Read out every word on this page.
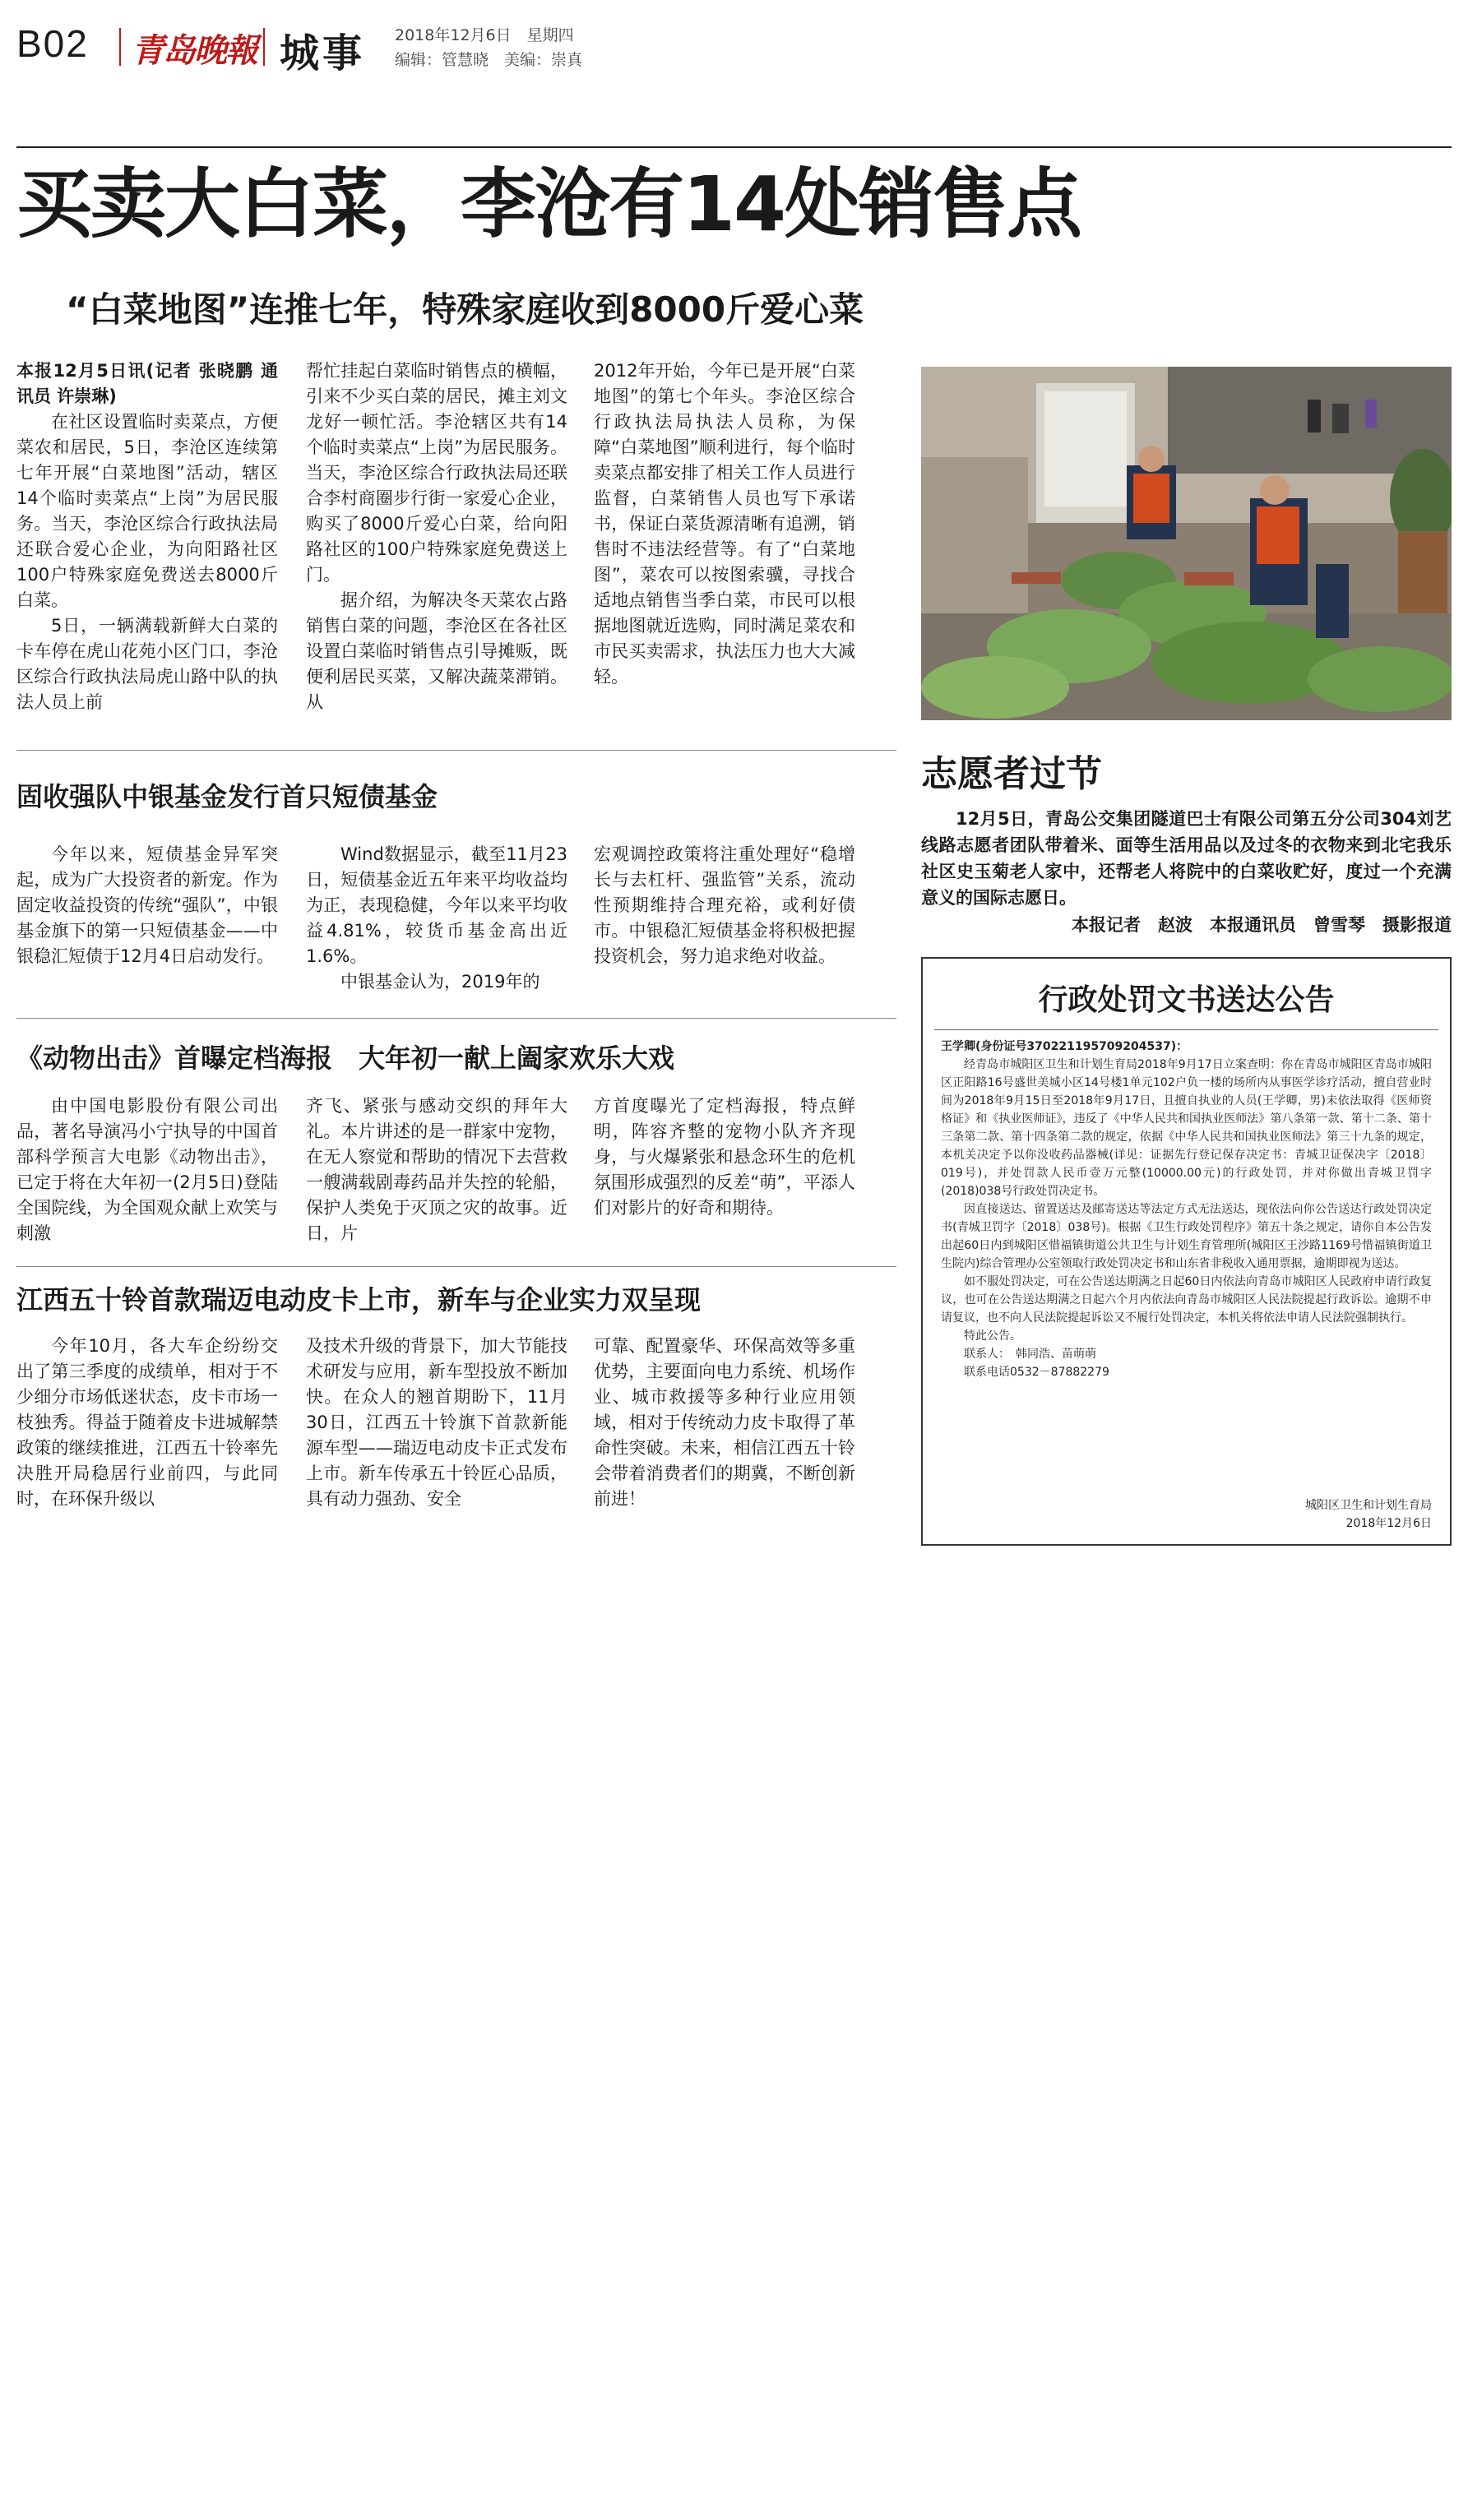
B02 青岛晚報 城事 2018年12月6日　星期四
编辑：管慧晓　美编：崇真
买卖大白菜，李沧有14处销售点
“白菜地图”连推七年，特殊家庭收到8000斤爱心菜

本报12月5日讯(记者 张晓鹏 通讯员 许崇琳)

在社区设置临时卖菜点，方便菜农和居民，5日，李沧区连续第七年开展“白菜地图”活动，辖区14个临时卖菜点“上岗”为居民服务。当天，李沧区综合行政执法局还联合爱心企业，为向阳路社区100户特殊家庭免费送去8000斤白菜。

5日，一辆满载新鲜大白菜的卡车停在虎山花苑小区门口，李沧区综合行政执法局虎山路中队的执法人员上前

帮忙挂起白菜临时销售点的横幅，引来不少买白菜的居民，摊主刘文龙好一顿忙活。李沧辖区共有14个临时卖菜点“上岗”为居民服务。当天，李沧区综合行政执法局还联合李村商圈步行街一家爱心企业，购买了8000斤爱心白菜，给向阳路社区的100户特殊家庭免费送上门。

据介绍，为解决冬天菜农占路销售白菜的问题，李沧区在各社区设置白菜临时销售点引导摊贩，既便利居民买菜，又解决蔬菜滞销。从

2012年开始，今年已是开展“白菜地图”的第七个年头。李沧区综合行政执法局执法人员称，为保障“白菜地图”顺利进行，每个临时卖菜点都安排了相关工作人员进行监督，白菜销售人员也写下承诺书，保证白菜货源清晰有追溯，销售时不违法经营等。有了“白菜地图”，菜农可以按图索骥，寻找合适地点销售当季白菜，市民可以根据地图就近选购，同时满足菜农和市民买卖需求，执法压力也大大减轻。

志愿者过节

12月5日，青岛公交集团隧道巴士有限公司第五分公司304刘艺线路志愿者团队带着米、面等生活用品以及过冬的衣物来到北宅我乐社区史玉菊老人家中，还帮老人将院中的白菜收贮好，度过一个充满意义的国际志愿日。

本报记者　赵波　本报通讯员　曾雪琴　摄影报道
固收强队中银基金发行首只短债基金

今年以来，短债基金异军突起，成为广大投资者的新宠。作为固定收益投资的传统“强队”，中银基金旗下的第一只短债基金——中银稳汇短债于12月4日启动发行。

Wind数据显示，截至11月23日，短债基金近五年来平均收益均为正，表现稳健，今年以来平均收益4.81%，较货币基金高出近1.6%。

中银基金认为，2019年的

宏观调控政策将注重处理好“稳增长与去杠杆、强监管”关系，流动性预期维持合理充裕，或利好债市。中银稳汇短债基金将积极把握投资机会，努力追求绝对收益。

《动物出击》首曝定档海报　大年初一献上阖家欢乐大戏

由中国电影股份有限公司出品，著名导演冯小宁执导的中国首部科学预言大电影《动物出击》，已定于将在大年初一(2月5日)登陆全国院线，为全国观众献上欢笑与刺激

齐飞、紧张与感动交织的拜年大礼。本片讲述的是一群家中宠物，在无人察觉和帮助的情况下去营救一艘满载剧毒药品并失控的轮船，保护人类免于灭顶之灾的故事。近日，片

方首度曝光了定档海报，特点鲜明，阵容齐整的宠物小队齐齐现身，与火爆紧张和悬念环生的危机氛围形成强烈的反差“萌”，平添人们对影片的好奇和期待。

江西五十铃首款瑞迈电动皮卡上市，新车与企业实力双呈现

今年10月，各大车企纷纷交出了第三季度的成绩单，相对于不少细分市场低迷状态，皮卡市场一枝独秀。得益于随着皮卡进城解禁政策的继续推进，江西五十铃率先决胜开局稳居行业前四，与此同时，在环保升级以

及技术升级的背景下，加大节能技术研发与应用，新车型投放不断加快。在众人的翘首期盼下，11月30日，江西五十铃旗下首款新能源车型——瑞迈电动皮卡正式发布上市。新车传承五十铃匠心品质，具有动力强劲、安全

可靠、配置豪华、环保高效等多重优势，主要面向电力系统、机场作业、城市救援等多种行业应用领域，相对于传统动力皮卡取得了革命性突破。未来，相信江西五十铃会带着消费者们的期冀，不断创新前进！

行政处罚文书送达公告

王学卿(身份证号370221195709204537)：

经青岛市城阳区卫生和计划生育局2018年9月17日立案查明：你在青岛市城阳区青岛市城阳区正阳路16号盛世美城小区14号楼1单元102户负一楼的场所内从事医学诊疗活动，擅自营业时间为2018年9月15日至2018年9月17日，且擅自执业的人员(王学卿，男)未依法取得《医师资格证》和《执业医师证》，违反了《中华人民共和国执业医师法》第八条第一款、第十二条、第十三条第二款、第十四条第二款的规定，依据《中华人民共和国执业医师法》第三十九条的规定，本机关决定予以你没收药品器械(详见：证据先行登记保存决定书：青城卫证保决字〔2018〕019号)，并处罚款人民币壹万元整(10000.00元)的行政处罚，并对你做出青城卫罚字(2018)038号行政处罚决定书。

因直接送达、留置送达及邮寄送达等法定方式无法送达，现依法向你公告送达行政处罚决定书(青城卫罚字〔2018〕038号)。根据《卫生行政处罚程序》第五十条之规定，请你自本公告发出起60日内到城阳区惜福镇街道公共卫生与计划生育管理所(城阳区王沙路1169号惜福镇街道卫生院内)综合管理办公室领取行政处罚决定书和山东省非税收入通用票据，逾期即视为送达。

如不服处罚决定，可在公告送达期满之日起60日内依法向青岛市城阳区人民政府申请行政复议，也可在公告送达期满之日起六个月内依法向青岛市城阳区人民法院提起行政诉讼。逾期不申请复议，也不向人民法院提起诉讼又不履行处罚决定，本机关将依法申请人民法院强制执行。

特此公告。

联系人：　韩同浩、苗萌萌

联系电话0532－87882279

城阳区卫生和计划生育局
2018年12月6日
